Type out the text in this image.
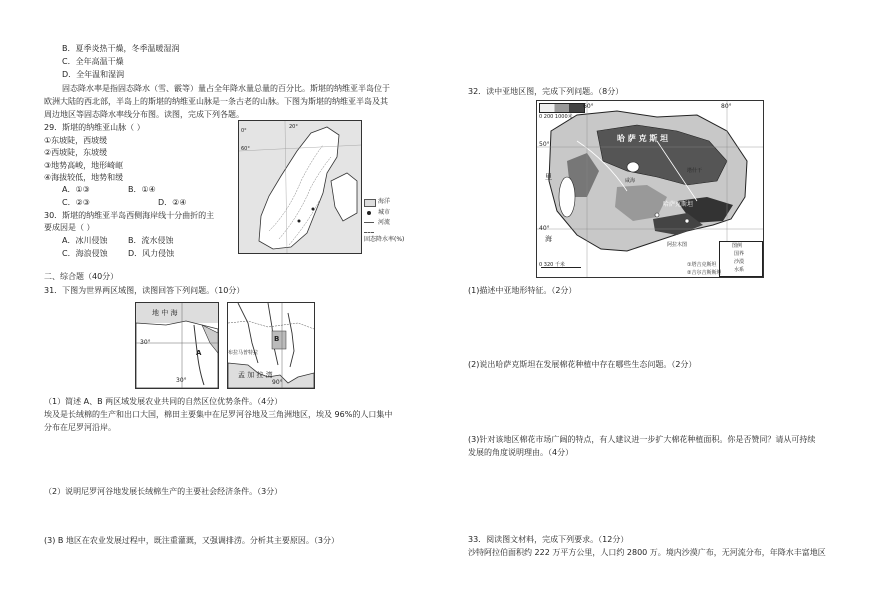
B．夏季炎热干燥，冬季温暖湿润
C．全年高温干燥
D．全年温和湿润
固态降水率是指固态降水（雪、霰等）量占全年降水量总量的百分比。斯堪的纳维亚半岛位于
欧洲大陆的西北部，半岛上的斯堪的纳维亚山脉是一条古老的山脉。下图为斯堪的纳维亚半岛及其
周边地区等固态降水率线分布图。读图，完成下列各题。
29．斯堪的纳维亚山脉（ ）
①东坡陡，西坡缓
②西坡陡，东坡缓
③地势高峻，地形崎岖
④海拔较低，地势和缓
A．①③	B．①④
C．②③	D．②④
30．斯堪的纳维亚半岛西侧海岸线十分曲折的主
要成因是（ ）
A．冰川侵蚀	B．流水侵蚀
C．海浪侵蚀	D．风力侵蚀
0°
60°
20°
海洋
城市
河流
固态降水率(%)
二、综合题（40分）
31．下图为世界两区域图，读图回答下列问题。（10分）
地 中 海
30°
A
30°
B
布拉马普特拉
孟 加 拉 湾
90°
（1）简述 A、B 两区域发展农业共同的自然区位优势条件。（4分）
埃及是长绒棉的生产和出口大国，棉田主要集中在尼罗河谷地及三角洲地区，埃及 96%的人口集中
分布在尼罗河沿岸。
（2）说明尼罗河谷地发展长绒棉生产的主要社会经济条件。（3分）
(3) B 地区在农业发展过程中，既注重灌溉，又强调排涝。分析其主要原因。（3分）
32．读中亚地区图，完成下列问题。（8分）
0 200 1000米
60°	80°
50°
40°
哈 萨 克 斯 坦
哈萨克斯坦
咸海
里
海
塔什干
阿拉木图
0 320 千米
图例
国界
沙漠
水系
①塔吉克斯坦
②吉尔吉斯斯坦
(1)描述中亚地形特征。（2分）
(2)说出哈萨克斯坦在发展棉花种植中存在哪些生态问题。（2分）
(3)针对该地区棉花市场广阔的特点，有人建议进一步扩大棉花种植面积。你是否赞同？请从可持续
发展的角度说明理由。（4分）
33．阅读图文材料，完成下列要求。（12分）
沙特阿拉伯面积约 222 万平方公里，人口约 2800 万。境内沙漠广布，无河流分布，年降水丰富地区
